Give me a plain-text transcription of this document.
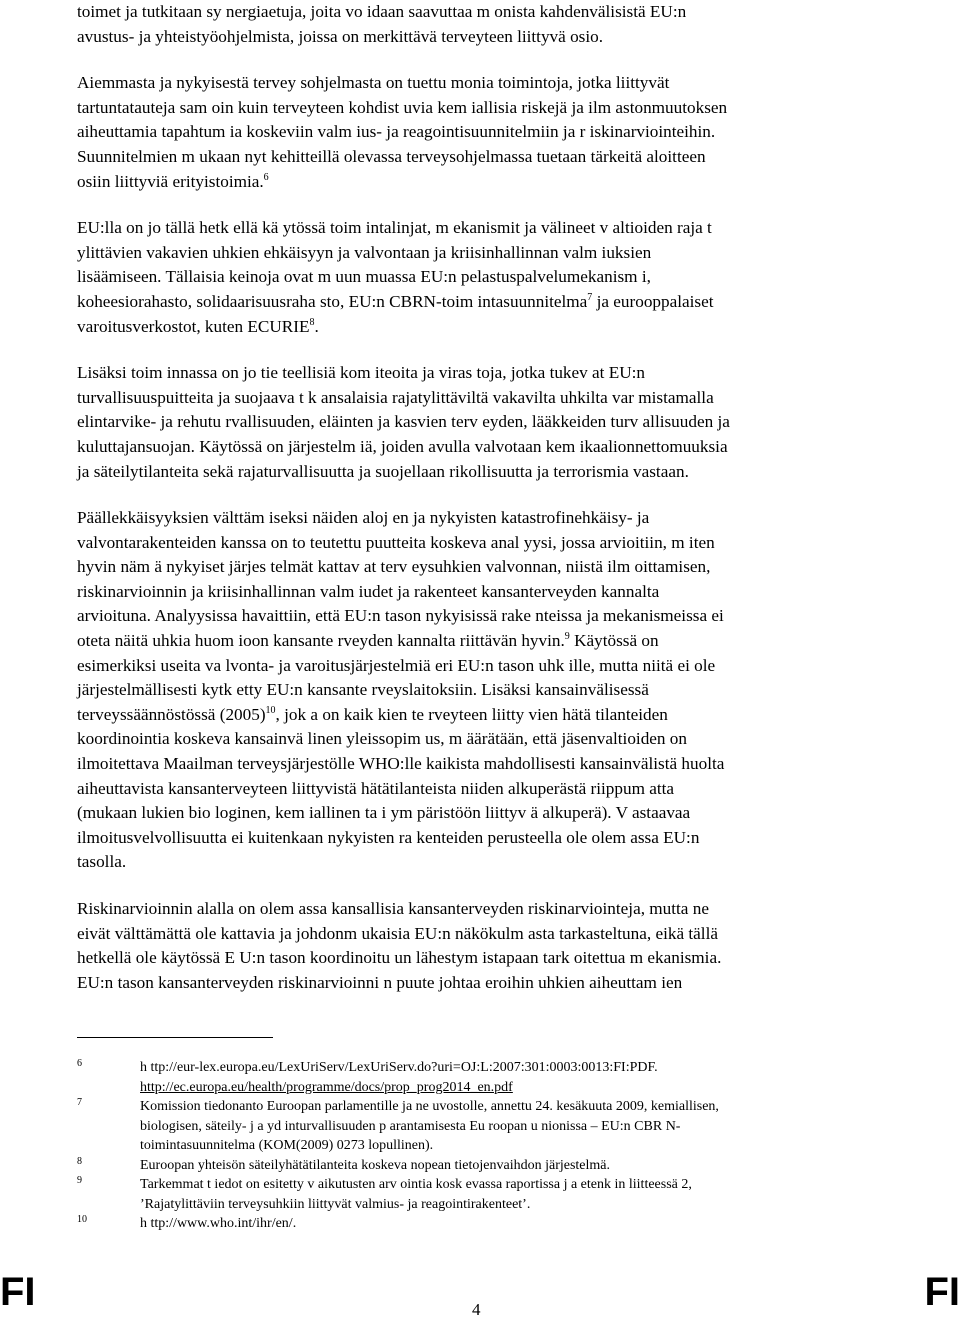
toimet ja tutkitaan sy nergiaetuja, joita vo idaan saavuttaa m onista kahdenvälisistä EU:n
avustus- ja yhteistyöohjelmista, joissa on merkittävä terveyteen liittyvä osio.

Aiemmasta ja nykyisestä tervey sohjelmasta on tuettu monia toimintoja, jotka liittyvät
tartuntatauteja sam oin kuin terveyteen kohdist uvia kem iallisia riskejä ja ilm astonmuutoksen
aiheuttamia tapahtum ia koskeviin valm ius- ja reagointisuunnitelmiin ja r iskinarviointeihin.
Suunnitelmien m ukaan nyt kehitteillä olevassa terveysohjelmassa tuetaan tärkeitä aloitteen
osiin liittyviä erityistoimia.$^6$

EU:lla on jo tällä hetk ellä kä ytössä toim intalinjat, m ekanismit ja välineet v altioiden raja t
ylittävien vakavien uhkien ehkäisyyn ja valvontaan ja kriisinhallinnan valm iuksien
lisäämiseen. Tällaisia keinoja ovat m uun muassa EU:n pelastuspalvelumekanism i,
koheesiorahasto, solidaarisuusraha sto, EU:n CBRN-toim intasuunnitelma$^7$ ja eurooppalaiset
varoitusverkostot, kuten ECURIE$^8$.

Lisäksi toim innassa on jo tie teellisiä kom iteoita ja viras toja, jotka tukev at EU:n
turvallisuuspuitteita ja suojaava t k ansalaisia rajatylittäviltä vakavilta uhkilta var mistamalla
elintarvike- ja rehutu rvallisuuden, eläinten ja kasvien terv eyden, lääkkeiden turv allisuuden ja
kuluttajansuojan. Käytössä on järjestelm iä, joiden avulla valvotaan kem ikaalionnettomuuksia
ja säteilytilanteita sekä rajaturvallisuutta ja suojellaan rikollisuutta ja terrorismia vastaan.

Päällekkäisyyksien välttäm iseksi näiden aloj en ja nykyisten katastrofinehkäisy- ja
valvontarakenteiden kanssa on to teutettu puutteita koskeva anal yysi, jossa arvioitiin, m iten
hyvin näm ä nykyiset järjes telmät kattav at terv eysuhkien valvonnan, niistä ilm oittamisen,
riskinarvioinnin ja kriisinhallinnan valm iudet ja rakenteet kansanterveyden kannalta
arvioituna. Analyysissa havaittiin, että EU:n tason nykyisissä rake nteissa ja mekanismeissa ei
oteta näitä uhkia huom ioon kansante rveyden kannalta riittävän hyvin.$^9$ Käytössä on
esimerkiksi useita va lvonta- ja varoitusjärjestelmiä eri EU:n tason uhk ille, mutta niitä ei ole
järjestelmällisesti kytk etty EU:n kansante rveyslaitoksiin. Lisäksi kansainvälisessä
terveyssäännöstössä $(2005)^{10}$, jok a on kaik kien te rveyteen liitty vien hätä tilanteiden
koordinointia koskeva kansainvä linen yleissopim us, m äärätään, että jäsenvaltioiden on
ilmoitettava Maailman terveysjärjestölle WHO:lle kaikista mahdollisesti kansainvälistä huolta
aiheuttavista kansanterveyteen liittyvistä hätätilanteista niiden alkuperästä riippum atta
(mukaan lukien bio loginen, kem iallinen ta i ym päristöön liittyv ä alkuperä). V astaavaa
ilmoitusvelvollisuutta ei kuitenkaan nykyisten ra kenteiden perusteella ole olem assa EU:n
tasolla.

Riskinarvioinnin alalla on olem assa kansallisia kansanterveyden riskinarviointeja, mutta ne
eivät välttämättä ole kattavia ja johdonm ukaisia EU:n näkökulm asta tarkasteltuna, eikä tällä
hetkellä ole käytössä E U:n tason koordinoitu un lähestym istapaan tark oitettua m ekanismia.
EU:n tason kansanterveyden riskinarvioinni n puute johtaa eroihin uhkien aiheuttam ien

6	h ttp://eur-lex.europa.eu/LexUriServ/LexUriServ.do?uri=OJ:L:2007:301:0003:0013:FI:PDF.
http://ec.europa.eu/health/programme/docs/prop_prog2014_en.pdf
7	Komission tiedonanto Euroopan parlamentille ja ne uvostolle, annettu 24. kesäkuuta 2009, kemiallisen,
biologisen, säteily- j a yd inturvallisuuden p arantamisesta Eu roopan u nionissa – EU:n CBR N-
toimintasuunnitelma (KOM(2009) 0273 lopullinen).
8	Euroopan yhteisön säteilyhätätilanteita koskeva nopean tietojenvaihdon järjestelmä.
9	Tarkemmat t iedot on esitetty v aikutusten arv ointia kosk evassa raportissa j a etenk in liitteessä 2,
’Rajatylittäviin terveysuhkiin liittyvät valmius- ja reagointirakenteet’.
10	h ttp://www.who.int/ihr/en/.
FI	4	FI
